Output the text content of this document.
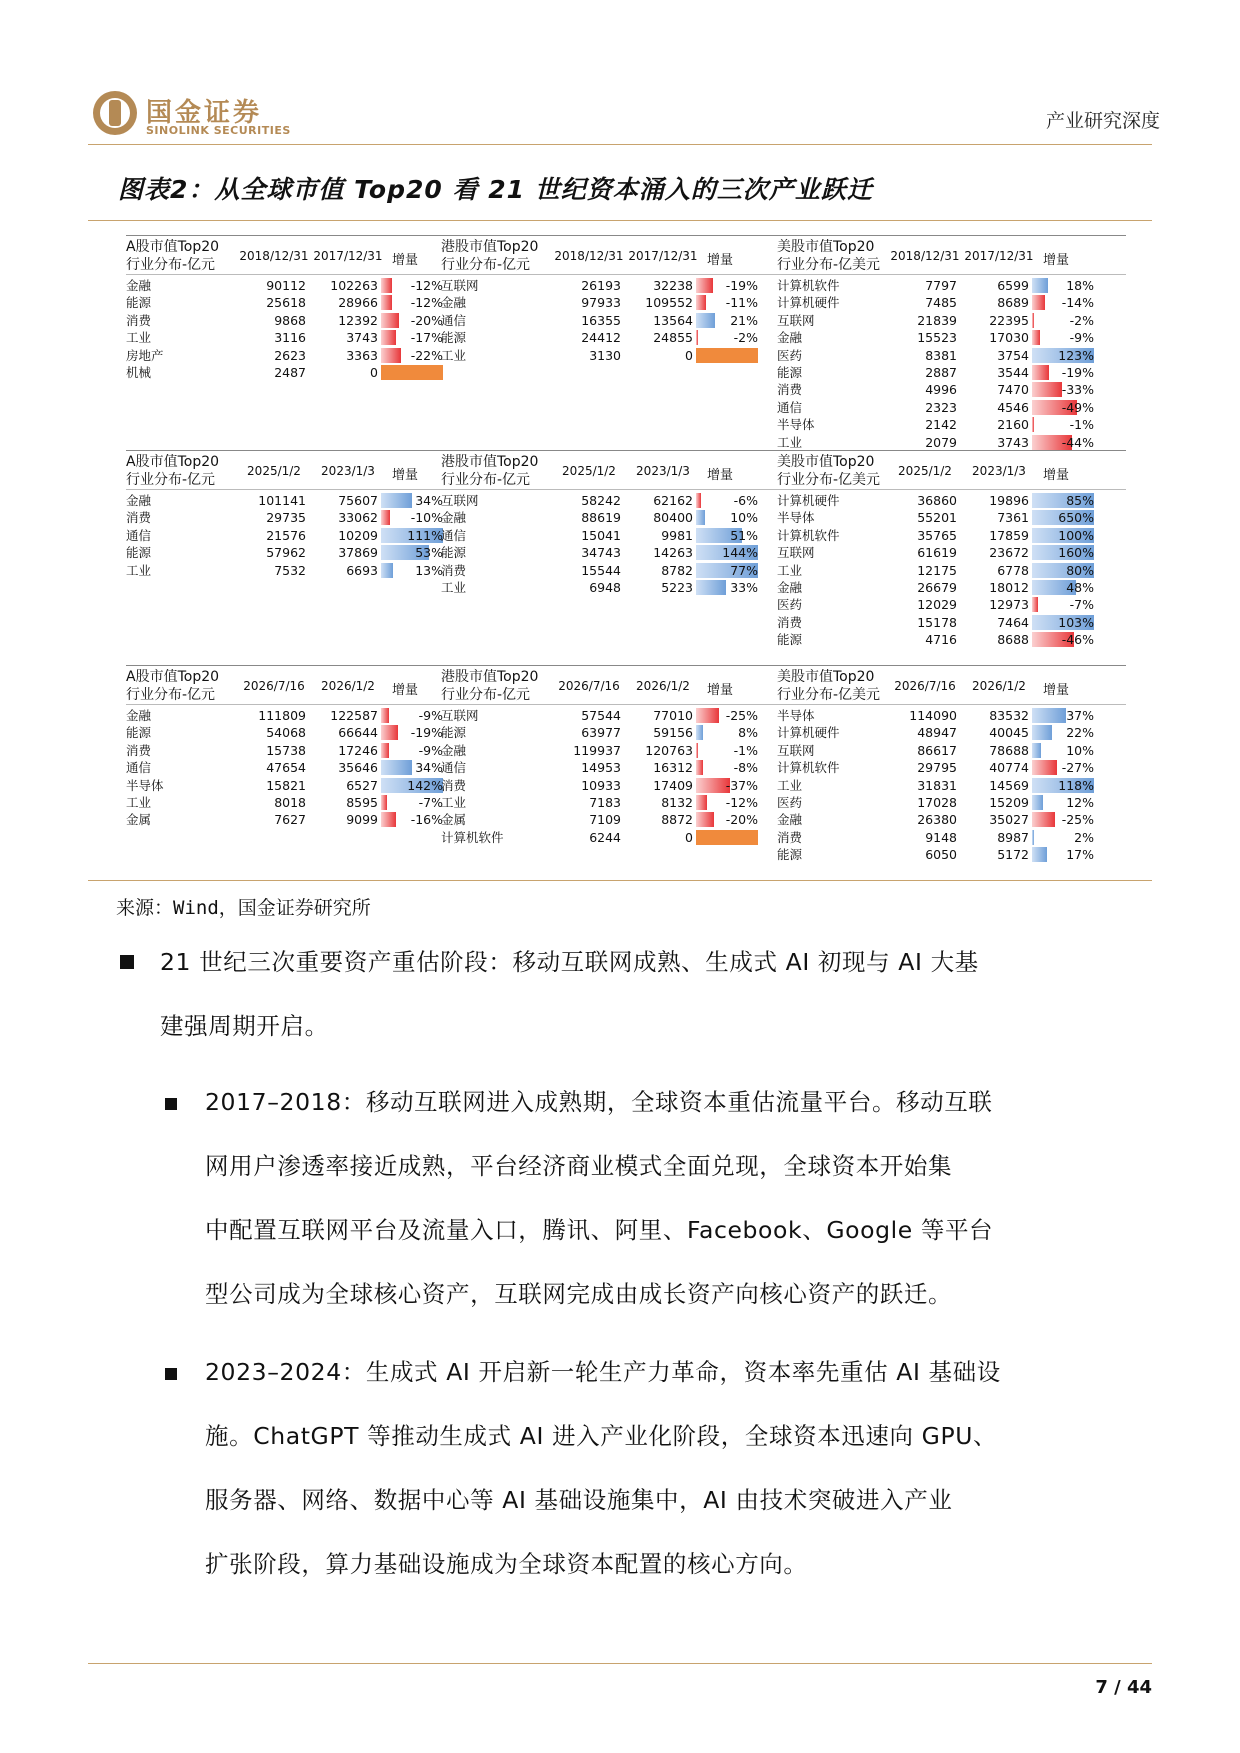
国金证券
SINOLINK SECURITIES	产业研究深度
图表2：从全球市值 Top20 看 21 世纪资本涌入的三次产业跃迁
A股市值Top20
行业分布-亿元
2018/12/31 2017/12/31 增量
金融	90112	102263	-12%
能源	25618	28966	-12%
消费	9868	12392	-20%
工业	3116	3743	-17%
房地产	2623	3363	-22%
机械	2487	0
港股市值Top20
行业分布-亿元
2018/12/31 2017/12/31 增量
互联网	26193	32238	-19%
金融	97933	109552	-11%
通信	16355	13564	21%
能源	24412	24855	-2%
工业	3130	0
美股市值Top20
行业分布-亿美元
2018/12/31 2017/12/31 增量
计算机软件	7797	6599	18%
计算机硬件	7485	8689	-14%
互联网	21839	22395	-2%
金融	15523	17030	-9%
医药	8381	3754	123%
能源	2887	3544	-19%
消费	4996	7470	-33%
通信	2323	4546	-49%
半导体	2142	2160	-1%
工业	2079	3743	-44%
A股市值Top20
行业分布-亿元
2025/1/2	2023/1/3	增量
金融	101141	75607	34%
消费	29735	33062	-10%
通信	21576	10209	111%
能源	57962	37869	53%
工业	7532	6693	13%
港股市值Top20
行业分布-亿元
2025/1/2	2023/1/3	增量
互联网	58242	62162	-6%
金融	88619	80400	10%
通信	15041	9981	51%
能源	34743	14263	144%
消费	15544	8782	77%
工业	6948	5223	33%
美股市值Top20
行业分布-亿美元
2025/1/2	2023/1/3	增量
计算机硬件	36860	19896	85%
半导体	55201	7361	650%
计算机软件	35765	17859	100%
互联网	61619	23672	160%
工业	12175	6778	80%
金融	26679	18012	48%
医药	12029	12973	-7%
消费	15178	7464	103%
能源	4716	8688	-46%
A股市值Top20
行业分布-亿元
2026/7/16	2026/1/2	增量
金融	111809	122587	-9%
能源	54068	66644	-19%
消费	15738	17246	-9%
通信	47654	35646	34%
半导体	15821	6527	142%
工业	8018	8595	-7%
金属	7627	9099	-16%
港股市值Top20
行业分布-亿元
2026/7/16	2026/1/2	增量
互联网	57544	77010	-25%
能源	63977	59156	8%
金融	119937	120763	-1%
通信	14953	16312	-8%
消费	10933	17409	-37%
工业	7183	8132	-12%
金属	7109	8872	-20%
计算机软件	6244	0
美股市值Top20
行业分布-亿美元
2026/7/16	2026/1/2	增量
半导体	114090	83532	37%
计算机硬件	48947	40045	22%
互联网	86617	78688	10%
计算机软件	29795	40774	-27%
工业	31831	14569	118%
医药	17028	15209	12%
金融	26380	35027	-25%
消费	9148	8987	2%
能源	6050	5172	17%
来源：Wind，国金证券研究所
21 世纪三次重要资产重估阶段：移动互联网成熟、生成式 AI 初现与 AI 大基
建强周期开启。
2017–2018：移动互联网进入成熟期，全球资本重估流量平台。移动互联
网用户渗透率接近成熟，平台经济商业模式全面兑现，全球资本开始集
中配置互联网平台及流量入口，腾讯、阿里、Facebook、Google 等平台
型公司成为全球核心资产，互联网完成由成长资产向核心资产的跃迁。
2023–2024：生成式 AI 开启新一轮生产力革命，资本率先重估 AI 基础设
施。ChatGPT 等推动生成式 AI 进入产业化阶段，全球资本迅速向 GPU、
服务器、网络、数据中心等 AI 基础设施集中，AI 由技术突破进入产业
扩张阶段，算力基础设施成为全球资本配置的核心方向。
7 / 44
